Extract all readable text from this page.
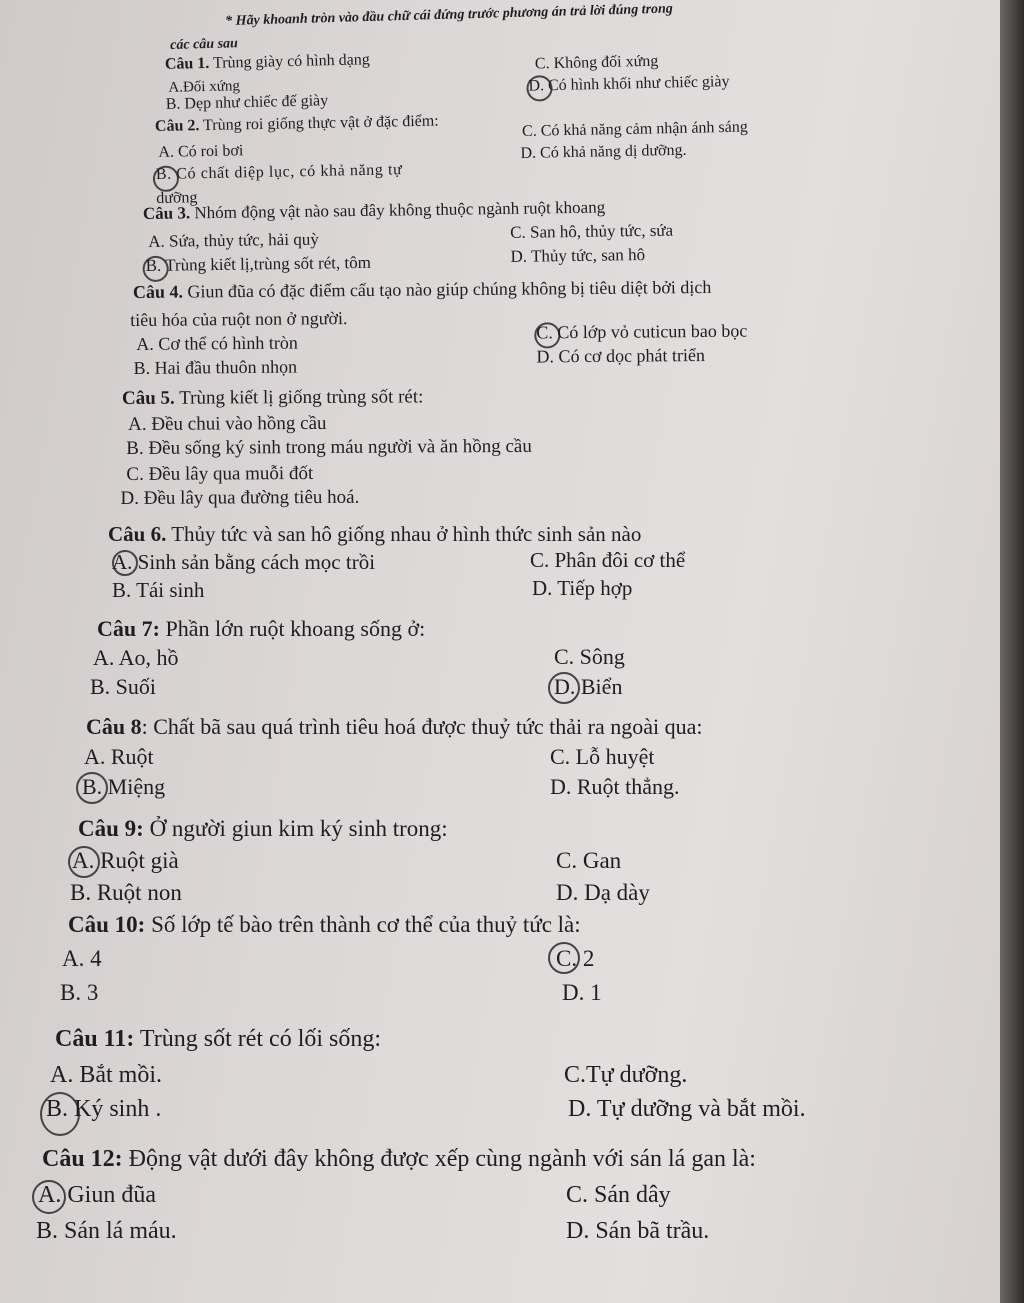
* Hãy khoanh tròn vào đầu chữ cái đứng trước phương án trả lời đúng trong
các câu sau
Câu 1. Trùng giày có hình dạng
A.Đối xứng
B. Dẹp như chiếc đế giày
C. Không đối xứng
D. Có hình khối như chiếc giày
Câu 2. Trùng roi giống thực vật ở đặc điểm:
A. Có roi bơi
B. Có chất diệp lục, có khả năng tự
dưỡng
C. Có khả năng cảm nhận ánh sáng
D. Có khả năng dị dưỡng.
Câu 3. Nhóm động vật nào sau đây không thuộc ngành ruột khoang
A. Sứa, thủy tức, hải quỳ
B. Trùng kiết lị,trùng sốt rét, tôm
C. San hô, thủy tức, sứa
D. Thủy tức, san hô
Câu 4. Giun đũa có đặc điểm cấu tạo nào giúp chúng không bị tiêu diệt bởi dịch
tiêu hóa của ruột non ở người.
A. Cơ thể có hình tròn
B. Hai đầu thuôn nhọn
C. Có lớp vỏ cuticun bao bọc
D. Có cơ dọc phát triển
Câu 5. Trùng kiết lị giống trùng sốt rét:
A. Đều chui vào hồng cầu
B. Đều sống ký sinh trong máu người và ăn hồng cầu
C. Đều lây qua muỗi đốt
D. Đều lây qua đường tiêu hoá.
Câu 6. Thủy tức và san hô giống nhau ở hình thức sinh sản nào
A. Sinh sản bằng cách mọc trồi
B. Tái sinh
C. Phân đôi cơ thể
D. Tiếp hợp
Câu 7: Phần lớn ruột khoang sống ở:
A. Ao, hồ
B. Suối
C. Sông
D. Biển
Câu 8: Chất bã sau quá trình tiêu hoá được thuỷ tức thải ra ngoài qua:
A. Ruột
B. Miệng
C. Lỗ huyệt
D. Ruột thẳng.
Câu 9: Ở người giun kim ký sinh trong:
A. Ruột già
B. Ruột non
C. Gan
D. Dạ dày
Câu 10: Số lớp tế bào trên thành cơ thể của thuỷ tức là:
A. 4
B. 3
C. 2
D. 1
Câu 11: Trùng sốt rét có lối sống:
A. Bắt mồi.
B. Ký sinh .
C.Tự dưỡng.
D. Tự dưỡng và bắt mồi.
Câu 12: Động vật dưới đây không được xếp cùng ngành với sán lá gan là:
A. Giun đũa
B. Sán lá máu.
C. Sán dây
D. Sán bã trầu.
